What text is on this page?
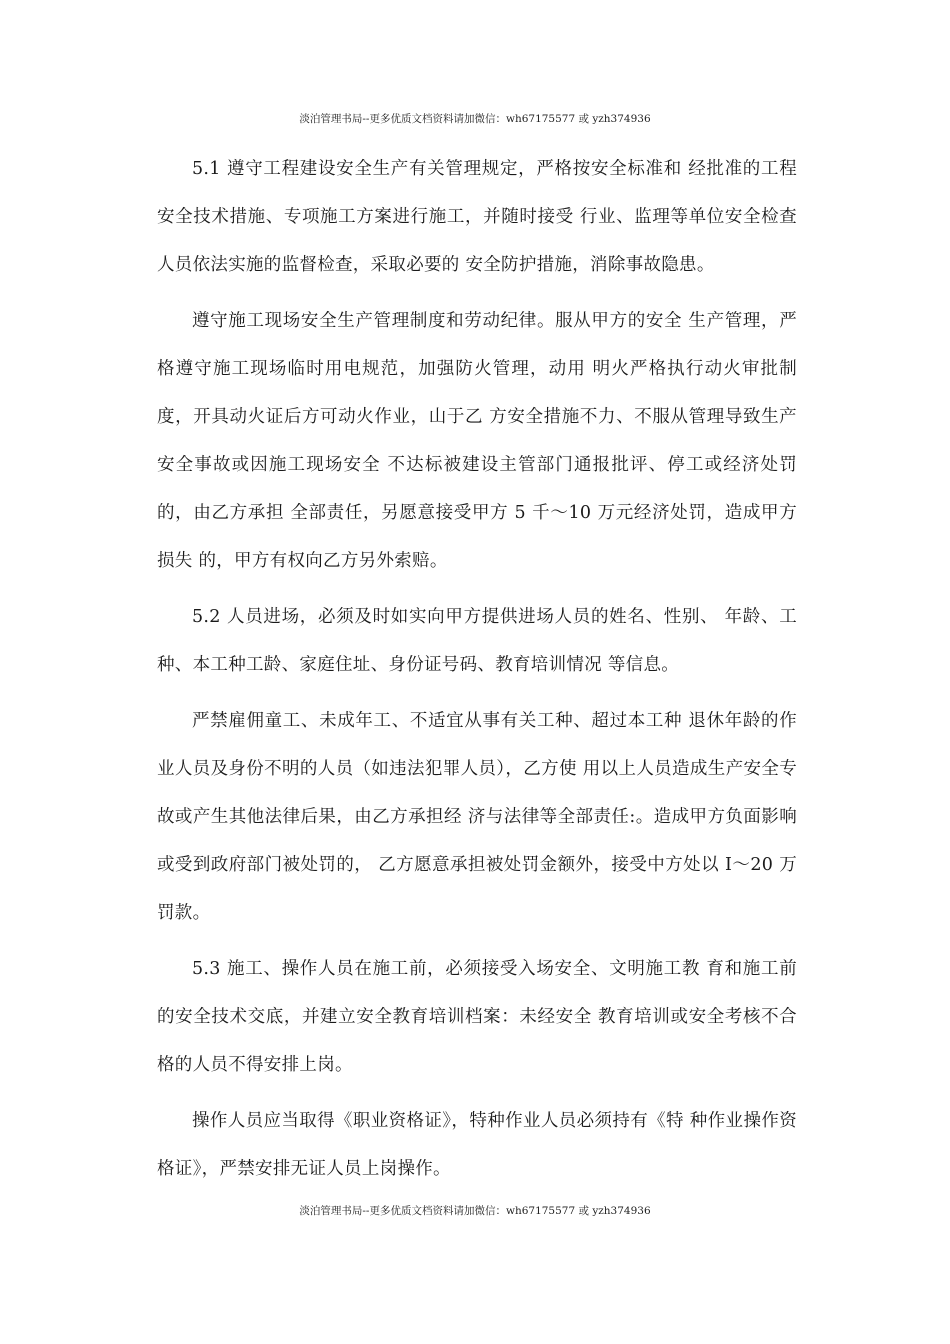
淡泊管理书局--更多优质文档资料请加微信：wh67175577 或 yzh374936

5.1 遵守工程建设安全生产有关管理规定，严格按安全标准和 经批准的工程安全技术措施、专项施工方案进行施工，并随时接受 行业、监理等单位安全检查人员依法实施的监督检查，采取必要的 安全防护措施，消除事故隐患。

遵守施工现场安全生产管理制度和劳动纪律。服从甲方的安全 生产管理，严格遵守施工现场临时用电规范，加强防火管理，动用 明火严格执行动火审批制度，开具动火证后方可动火作业，山于乙 方安全措施不力、不服从管理导致生产安全事故或因施工现场安全 不达标被建设主管部门通报批评、停工或经济处罚的，由乙方承担 全部责任，另愿意接受甲方 5 千〜10 万元经济处罚，造成甲方损失 的，甲方有权向乙方另外索赔。

5.2 人员进场，必须及时如实向甲方提供进场人员的姓名、性别、 年龄、工种、本工种工龄、家庭住址、身份证号码、教育培训情况 等信息。

严禁雇佣童工、未成年工、不适宜从事有关工种、超过本工种 退休年龄的作业人员及身份不明的人员（如违法犯罪人员），乙方使 用以上人员造成生产安全专故或产生其他法律后果，由乙方承担经 济与法律等全部责任:。造成甲方负面影响或受到政府部门被处罚的， 乙方愿意承担被处罚金额外，接受中方处以 I〜20 万罚款。

5.3 施工、操作人员在施工前，必须接受入场安全、文明施工教 育和施工前的安全技术交底，并建立安全教育培训档案：未经安全 教育培训或安全考核不合格的人员不得安排上岗。

操作人员应当取得《职业资格证》，特种作业人员必须持有《特 种作业操作资格证》，严禁安排无证人员上岗操作。

淡泊管理书局--更多优质文档资料请加微信：wh67175577 或 yzh374936
